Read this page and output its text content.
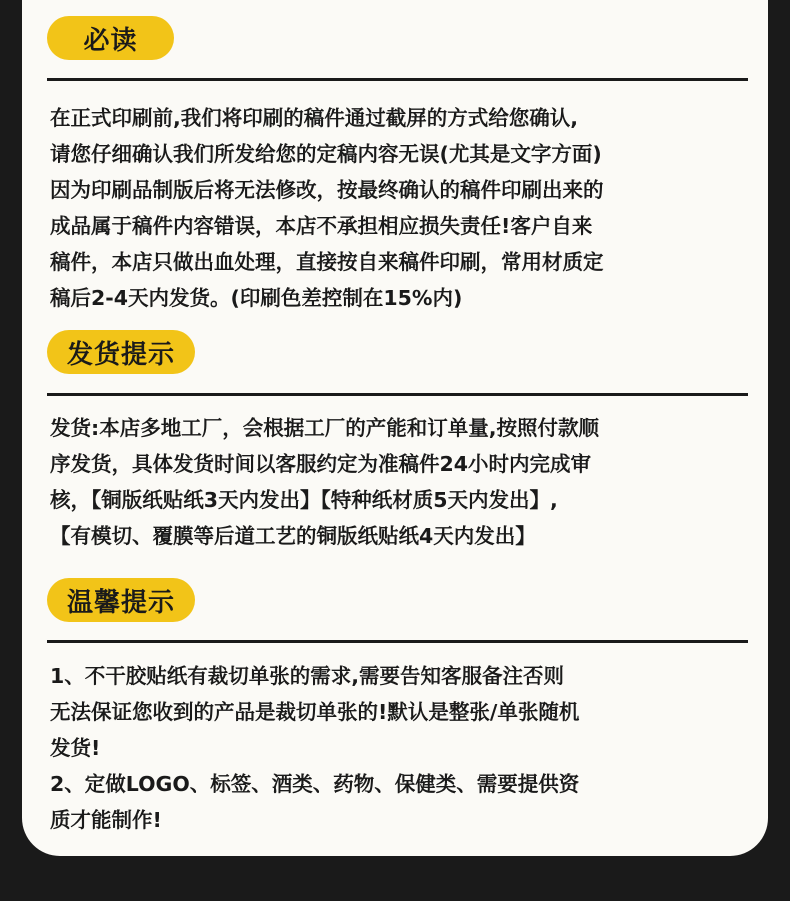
必读
在正式印刷前,我们将印刷的稿件通过截屏的方式给您确认,
请您仔细确认我们所发给您的定稿内容无误(尤其是文字方面)
因为印刷品制版后将无法修改，按最终确认的稿件印刷出来的
成品属于稿件内容错误，本店不承担相应损失责任!客户自来
稿件，本店只做出血处理，直接按自来稿件印刷，常用材质定
稿后2-4天内发货。(印刷色差控制在15%内)
发货提示
发货:本店多地工厂，会根据工厂的产能和订单量,按照付款顺
序发货，具体发货时间以客服约定为准稿件24小时内完成审
核，【铜版纸贴纸3天内发出】【特种纸材质5天内发出】,
【有模切、覆膜等后道工艺的铜版纸贴纸4天内发出】
温馨提示
1、不干胶贴纸有裁切单张的需求,需要告知客服备注否则
无法保证您收到的产品是裁切单张的!默认是整张/单张随机
发货!
2、定做LOGO、标签、酒类、药物、保健类、需要提供资
质才能制作!
